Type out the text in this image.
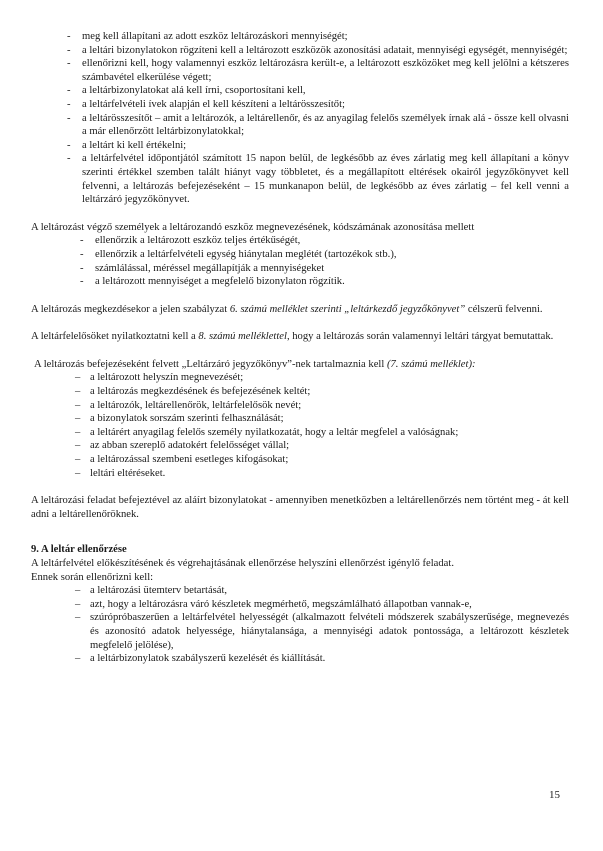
- meg kell állapítani az adott eszköz leltározáskori mennyiségét;
- a leltári bizonylatokon rögzíteni kell a leltározott eszközök azonosítási adatait, mennyiségi egységét, mennyiségét;
- ellenőrizni kell, hogy valamennyi eszköz leltározásra került-e, a leltározott eszközöket meg kell jelölni a kétszeres számbavétel elkerülése végett;
- a leltárbizonylatokat alá kell írni, csoportosítani kell,
- a leltárfelvételi ívek alapján el kell készíteni a leltárösszesítőt;
- a leltárösszesítőt – amit a leltározók, a leltárellenőr, és az anyagilag felelős személyek írnak alá - össze kell olvasni a már ellenőrzött leltárbizonylatokkal;
- a leltárt ki kell értékelni;
- a leltárfelvétel időpontjától számított 15 napon belül, de legkésőbb az éves zárlatig meg kell állapítani a könyv szerinti értékkel szemben talált hiányt vagy többletet, és a megállapított eltérések okairól jegyzőkönyvet kell felvenni, a leltározás befejezéseként – 15 munkanapon belül, de legkésőbb az éves zárlatig – fel kell venni a leltárzáró jegyzőkönyvet.

A leltározást végző személyek a leltározandó eszköz megnevezésének, kódszámának azonosítása mellett

- ellenőrzik a leltározott eszköz teljes értékűségét,
- ellenőrzik a leltárfelvételi egység hiánytalan meglétét (tartozékok stb.),
- számlálással, méréssel megállapítják a mennyiségeket
- a leltározott mennyiséget a megfelelő bizonylaton rögzítik.

A leltározás megkezdésekor a jelen szabályzat 6. számú melléklet szerinti „leltárkezdő jegyzőkönyvet” célszerű felvenni.

A leltárfelelősöket nyilatkoztatni kell a 8. számú melléklettel, hogy a leltározás során valamennyi leltári tárgyat bemutattak.

A leltározás befejezéseként felvett „Leltárzáró jegyzőkönyv”-nek tartalmaznia kell (7. számú melléklet):

– a leltározott helyszín megnevezését;
– a leltározás megkezdésének és befejezésének keltét;
– a leltározók, leltárellenőrök, leltárfelelősök nevét;
– a bizonylatok sorszám szerinti felhasználását;
– a leltárért anyagilag felelős személy nyilatkozatát, hogy a leltár megfelel a valóságnak;
– az abban szereplő adatokért felelősséget vállal;
– a leltározással szembeni esetleges kifogásokat;
– leltári eltéréseket.

A leltározási feladat befejeztével az aláírt bizonylatokat - amennyiben menetközben a leltárellenőrzés nem történt meg - át kell adni a leltárellenőröknek.

9. A leltár ellenőrzése

A leltárfelvétel előkészítésének és végrehajtásának ellenőrzése helyszíni ellenőrzést igénylő feladat.

Ennek során ellenőrizni kell:

– a leltározási ütemterv betartását,
– azt, hogy a leltározásra váró készletek megmérhető, megszámlálható állapotban vannak-e,
– szúrópróbaszerűen a leltárfelvétel helyességét (alkalmazott felvételi módszerek szabályszerűsége, megnevezés és azonosító adatok helyessége, hiánytalansága, a mennyiségi adatok pontossága, a leltározott készletek megfelelő jelölése),
– a leltárbizonylatok szabályszerű kezelését és kiállítását.
15
